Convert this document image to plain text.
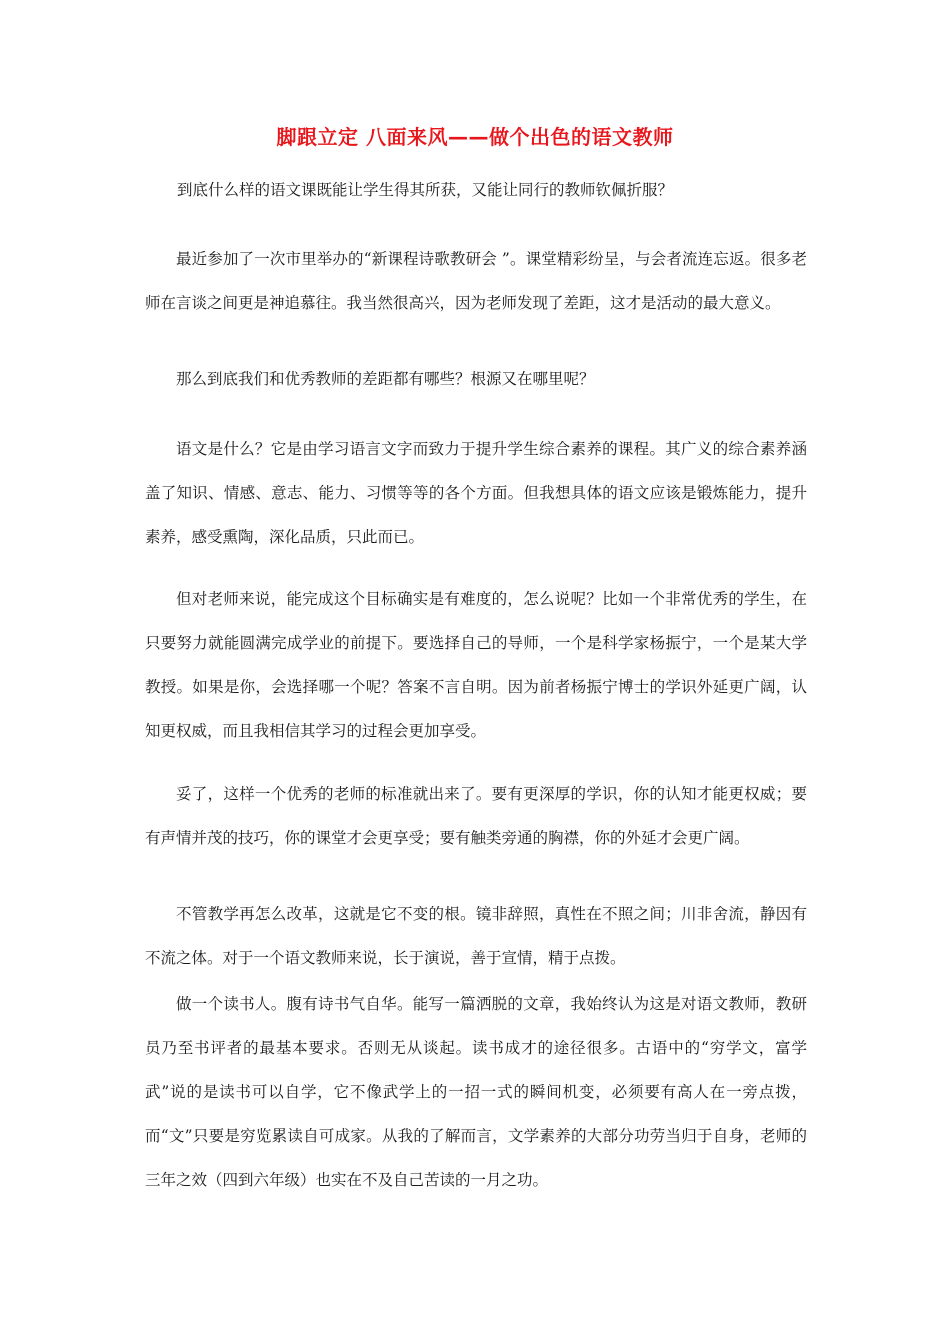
脚跟立定 八面来风——做个出色的语文教师

到底什么样的语文课既能让学生得其所获，又能让同行的教师钦佩折服？

最近参加了一次市里举办的“新课程诗歌教研会 ”。课堂精彩纷呈，与会者流连忘返。很多老师在言谈之间更是神追慕往。我当然很高兴，因为老师发现了差距，这才是活动的最大意义。

那么到底我们和优秀教师的差距都有哪些？根源又在哪里呢？

语文是什么？它是由学习语言文字而致力于提升学生综合素养的课程。其广义的综合素养涵盖了知识、情感、意志、能力、习惯等等的各个方面。但我想具体的语文应该是锻炼能力，提升素养，感受熏陶，深化品质，只此而已。

但对老师来说，能完成这个目标确实是有难度的，怎么说呢？比如一个非常优秀的学生，在只要努力就能圆满完成学业的前提下。要选择自己的导师，一个是科学家杨振宁，一个是某大学教授。如果是你，会选择哪一个呢？答案不言自明。因为前者杨振宁博士的学识外延更广阔，认知更权威，而且我相信其学习的过程会更加享受。

妥了，这样一个优秀的老师的标准就出来了。要有更深厚的学识，你的认知才能更权威；要有声情并茂的技巧，你的课堂才会更享受；要有触类旁通的胸襟，你的外延才会更广阔。

不管教学再怎么改革，这就是它不变的根。镜非辞照，真性在不照之间；川非舍流，静因有不流之体。对于一个语文教师来说，长于演说，善于宣情，精于点拨。

做一个读书人。腹有诗书气自华。能写一篇洒脱的文章，我始终认为这是对语文教师，教研员乃至书评者的最基本要求。否则无从谈起。读书成才的途径很多。古语中的“穷学文，富学武”说的是读书可以自学，它不像武学上的一招一式的瞬间机变，必须要有高人在一旁点拨，而“文”只要是穷览累读自可成家。从我的了解而言，文学素养的大部分功劳当归于自身，老师的三年之效（四到六年级）也实在不及自己苦读的一月之功。
